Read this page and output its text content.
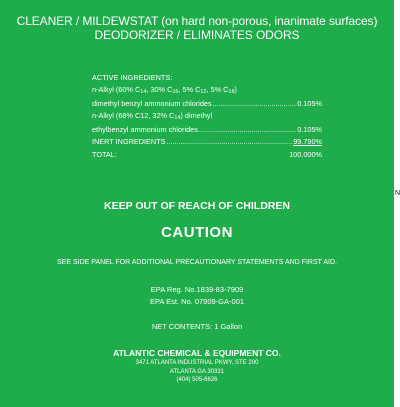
CLEANER / MILDEWSTAT (on hard non-porous, inanimate surfaces)
DEODORIZER / ELIMINATES ODORS
ACTIVE INGREDIENTS:
n-Alkyl (60% C14, 30% C16, 5% C12, 5% C18)
dimethyl benzyl ammonium chlorides .....	0.105%
n-Alkyl (68% C12, 32% C14) dimethyl
ethylbenzyl ammonium chlorides .....	0.105%
INERT INGREDIENTS .....	99.790%
TOTAL:	100.000%
KEEP OUT OF REACH OF CHILDREN
CAUTION
SEE SIDE PANEL FOR ADDITIONAL PRECAUTIONARY STATEMENTS AND FIRST AID.
EPA Reg. No.1839-83-7909
EPA Est. No. 07909-GA-001
NET CONTENTS: 1 Gallon
ATLANTIC CHEMICAL & EQUIPMENT CO.
3471 ATLANTA INDUSTRIAL PKWY, STE 200
ATLANTA GA 30331
(404) 505-6626
N
